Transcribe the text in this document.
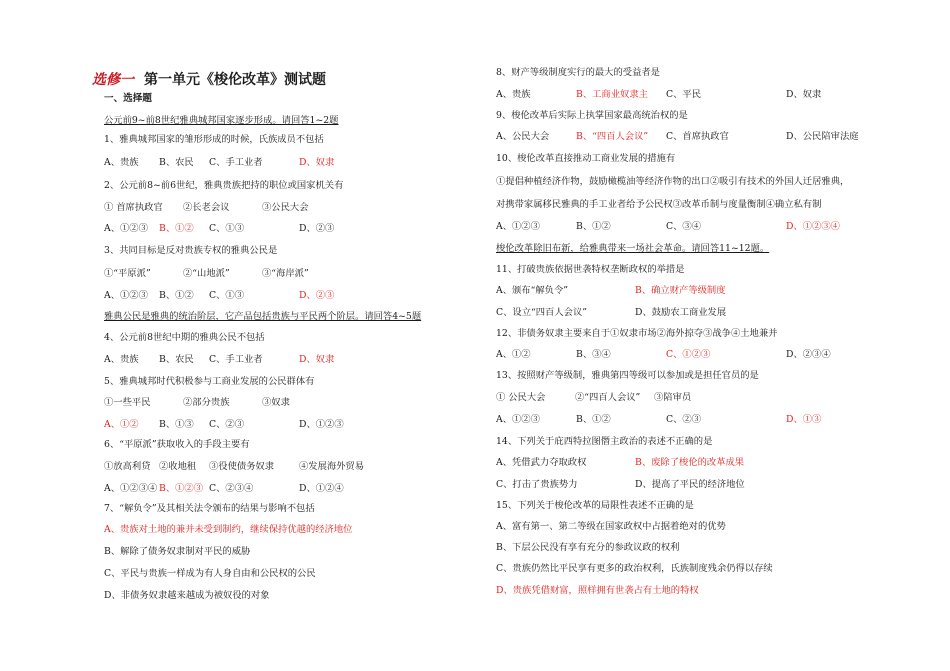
选修一 第一单元《梭伦改革》测试题
一、选择题
公元前9~前8世纪雅典城邦国家逐步形成。请回答1~2题
1、雅典城邦国家的雏形形成的时候，氏族成员不包括
A、贵族 B、农民 C、手工业者	D、奴隶
2、公元前8~前6世纪，雅典贵族把持的职位或国家机关有
① 首席执政官 ②长老会议	③公民大会
A、①②③ B、①② C、①③	D、②③
3、共同目标是反对贵族专权的雅典公民是
①“平原派”	②“山地派”	③“海岸派”
A、①②③ B、①② C、①③	D、②③
雅典公民是雅典的统治阶层，它产品包括贵族与平民两个阶层。请回答4~5题
4、公元前8世纪中期的雅典公民不包括
A、贵族 B、农民 C、手工业者	D、奴隶
5、雅典城邦时代积极参与工商业发展的公民群体有
①一些平民	②部分贵族	③奴隶
A、①② B、①③ C、②③	D、①②③
6、“平原派”获取收入的手段主要有
①放高利贷 ②收地租 ③役使债务奴隶	④发展海外贸易
A、①②③④ B、①②③ C、②③④	D、①②④
7、“解负令”及其相关法令颁布的结果与影响不包括
A、贵族对土地的兼并未受到制约，继续保持优越的经济地位
B、解除了债务奴隶制对平民的威胁
C、平民与贵族一样成为有人身自由和公民权的公民
D、非债务奴隶越来越成为被奴役的对象
8、财产等级制度实行的最大的受益者是
A、贵族	B、工商业奴隶主 C、平民	D、奴隶
9、梭伦改革后实际上执掌国家最高统治权的是
A、公民大会	B、“四百人会议” C、首席执政官	D、公民陪审法庭
10、梭伦改革直接推动工商业发展的措施有
①提倡种植经济作物，鼓励橄榄油等经济作物的出口②吸引有技术的外国人迁居雅典，
对携带家属移民雅典的手工业者给予公民权③改革币制与度量衡制④确立私有制
A、①②③	B、①②	C、③④	D、①②③④
梭伦改革除旧布新，给雅典带来一场社会革命。请回答11~12题。
11、打破贵族依据世袭特权垄断政权的举措是
A、颁布“解负令”	B、确立财产等级制度
C、设立“四百人会议”	D、鼓励农工商业发展
12、非债务奴隶主要来自于①奴隶市场②海外掠夺③战争④土地兼并
A、①②	B、③④	C、①②③	D、②③④
13、按照财产等级制，雅典第四等级可以参加或是担任官员的是
① 公民大会	②“四百人会议” ③陪审员
A、①②③	B、①②	C、②③	D、①③
14、下列关于庇西特拉图僭主政治的表述不正确的是
A、凭借武力夺取政权	B、废除了梭伦的改革成果
C、打击了贵族势力	D、提高了平民的经济地位
15、下列关于梭伦改革的局限性表述不正确的是
A、富有第一、第二等级在国家政权中占据着绝对的优势
B、下层公民没有享有充分的参政议政的权利
C、贵族仍然比平民享有更多的政治权利，氏族制度残余仍得以存续
D、贵族凭借财富，照样拥有世袭占有土地的特权
